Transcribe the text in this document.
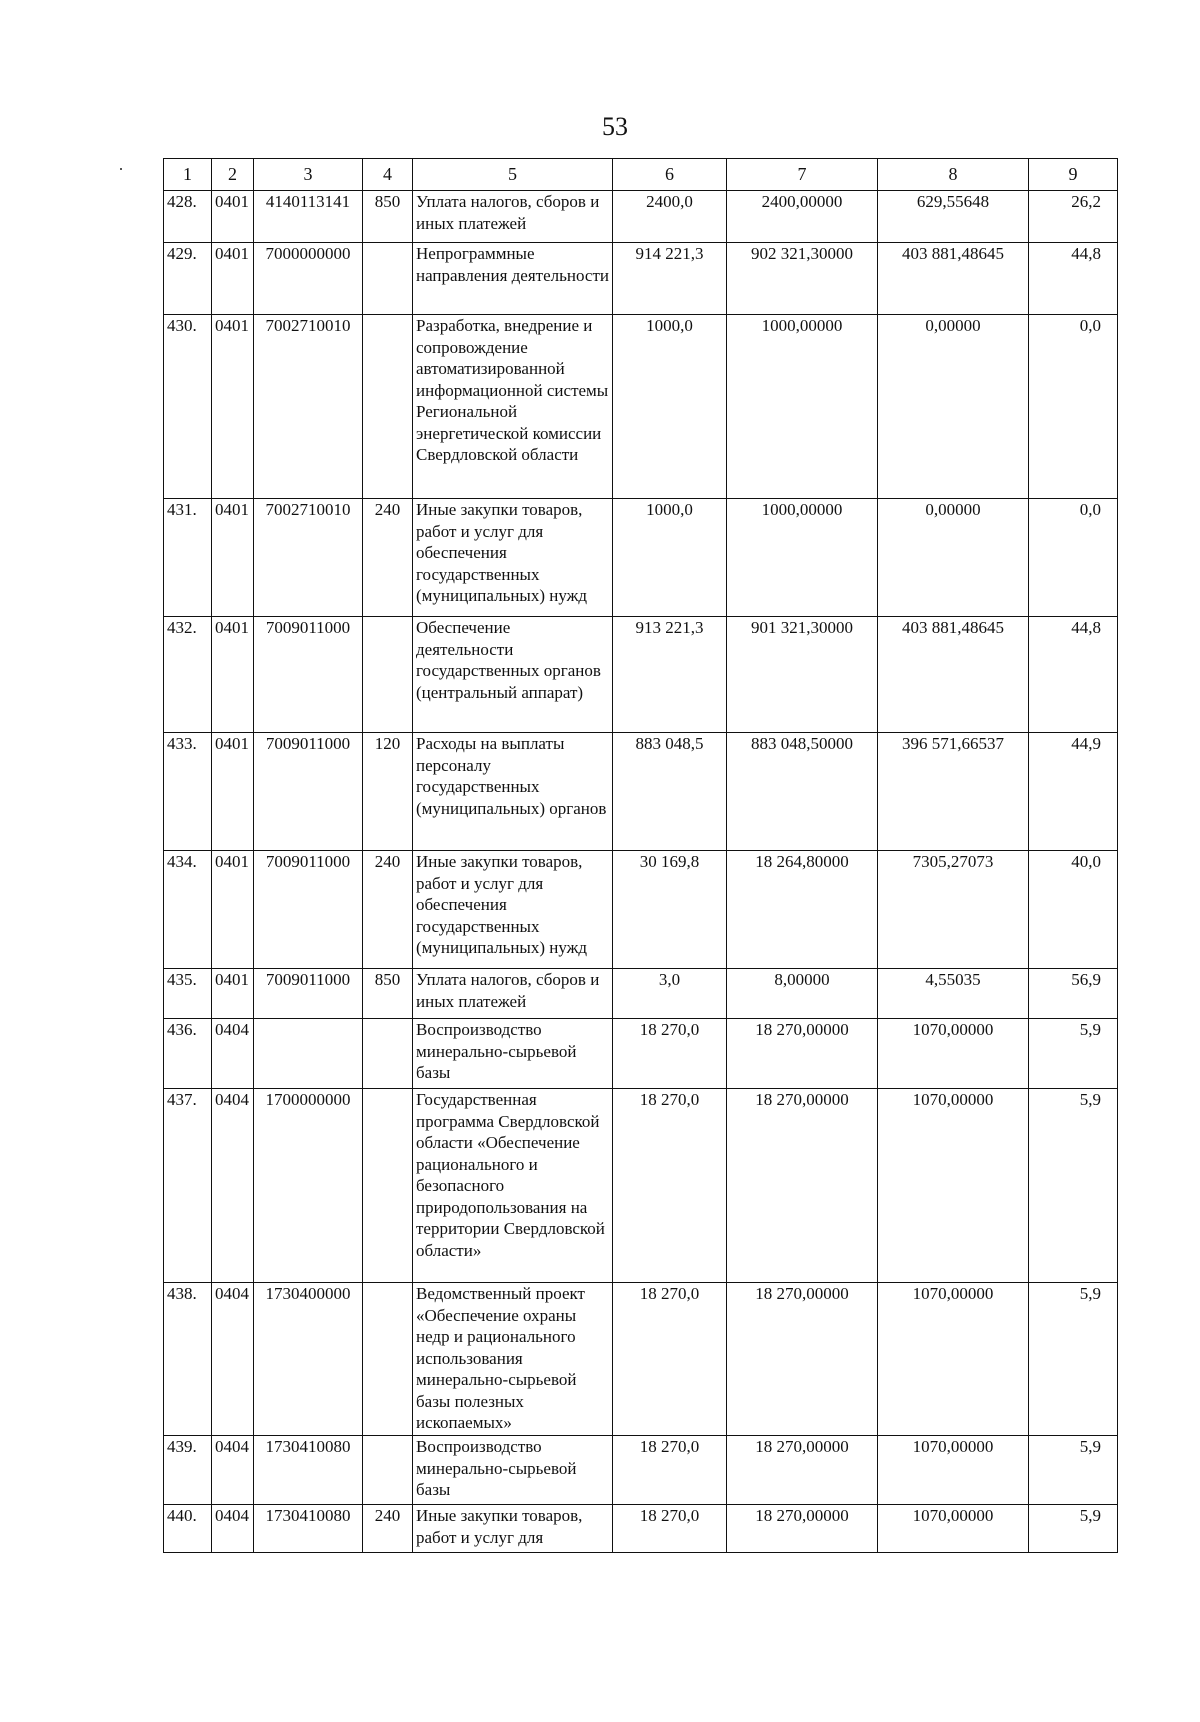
53
1	2	3	4	5	6	7	8	9
428.	0401	4140113141	850	Уплата налогов, сборов и иных платежей	2400,0	2400,00000	629,55648	26,2
429.	0401	7000000000		Непрограммные направления деятельности	914 221,3	902 321,30000	403 881,48645	44,8
430.	0401	7002710010		Разработка, внедрение и сопровождение автоматизированной информационной системы Региональной энергетической комиссии Свердловской области	1000,0	1000,00000	0,00000	0,0
431.	0401	7002710010	240	Иные закупки товаров, работ и услуг для обеспечения государственных (муниципальных) нужд	1000,0	1000,00000	0,00000	0,0
432.	0401	7009011000		Обеспечение деятельности государственных органов (центральный аппарат)	913 221,3	901 321,30000	403 881,48645	44,8
433.	0401	7009011000	120	Расходы на выплаты персоналу государственных (муниципальных) органов	883 048,5	883 048,50000	396 571,66537	44,9
434.	0401	7009011000	240	Иные закупки товаров, работ и услуг для обеспечения государственных (муниципальных) нужд	30 169,8	18 264,80000	7305,27073	40,0
435.	0401	7009011000	850	Уплата налогов, сборов и иных платежей	3,0	8,00000	4,55035	56,9
436.	0404			Воспроизводство минерально-сырьевой базы	18 270,0	18 270,00000	1070,00000	5,9
437.	0404	1700000000		Государственная программа Свердловской области «Обеспечение рационального и безопасного природопользования на территории Свердловской области»	18 270,0	18 270,00000	1070,00000	5,9
438.	0404	1730400000		Ведомственный проект «Обеспечение охраны недр и рационального использования минерально-сырьевой базы полезных ископаемых»	18 270,0	18 270,00000	1070,00000	5,9
439.	0404	1730410080		Воспроизводство минерально-сырьевой базы	18 270,0	18 270,00000	1070,00000	5,9
440.	0404	1730410080	240	Иные закупки товаров, работ и услуг для	18 270,0	18 270,00000	1070,00000	5,9
